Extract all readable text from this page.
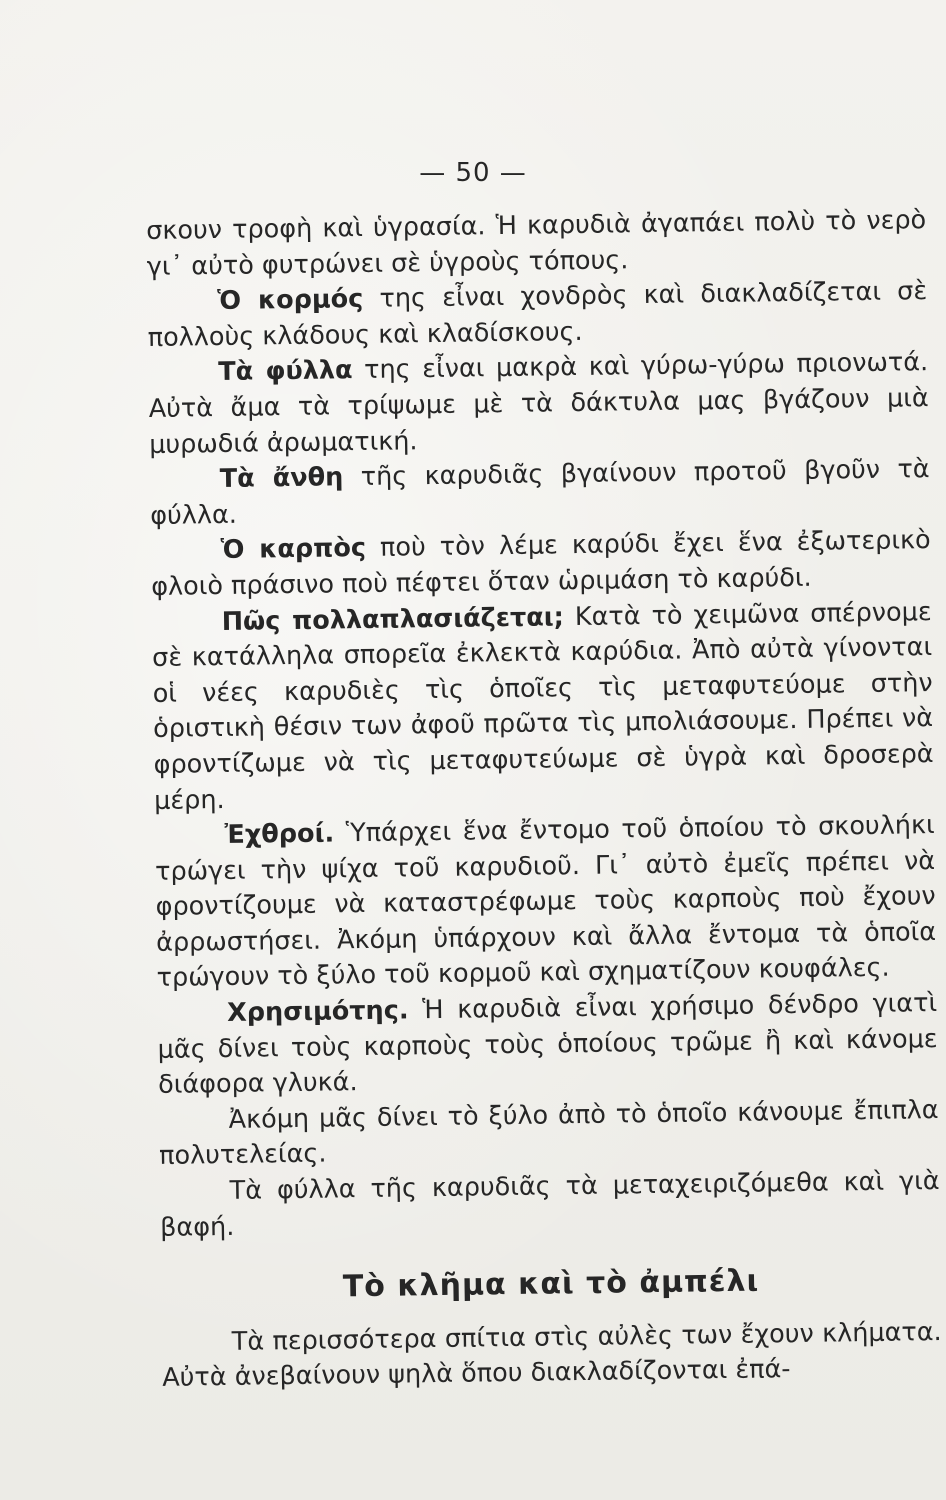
— 50 —

σκουν τροφὴ καὶ ὑγρασία. Ἡ καρυδιὰ ἀγαπάει πολὺ τὸ νερὸ γι᾽ αὐτὸ φυτρώνει σὲ ὑγροὺς τόπους.

Ὁ κορμός της εἶναι χονδρὸς καὶ διακλαδίζεται σὲ πολλοὺς κλάδους καὶ κλαδίσκους.

Τὰ φύλλα της εἶναι μακρὰ καὶ γύρω-γύρω πριονωτά. Αὐτὰ ἄμα τὰ τρίψωμε μὲ τὰ δάκτυλα μας βγάζουν μιὰ μυρωδιά ἀρωματική.

Τὰ ἄνθη τῆς καρυδιᾶς βγαίνουν προτοῦ βγοῦν τὰ φύλλα.

Ὁ καρπὸς ποὺ τὸν λέμε καρύδι ἔχει ἕνα ἐξωτερικὸ φλοιὸ πράσινο ποὺ πέφτει ὅταν ὡριμάση τὸ καρύδι.

Πῶς πολλαπλασιάζεται; Κατὰ τὸ χειμῶνα σπέρνομε σὲ κατάλληλα σπορεῖα ἐκλεκτὰ καρύδια. Ἀπὸ αὐτὰ γίνονται οἱ νέες καρυδιὲς τὶς ὁποῖες τὶς μεταφυτεύομε στὴν ὁριστικὴ θέσιν των ἀφοῦ πρῶτα τὶς μπολιάσουμε. Πρέπει νὰ φροντίζωμε νὰ τὶς μεταφυτεύωμε σὲ ὑγρὰ καὶ δροσερὰ μέρη.

Ἐχθροί. Ὑπάρχει ἕνα ἔντομο τοῦ ὁποίου τὸ σκουλήκι τρώγει τὴν ψίχα τοῦ καρυδιοῦ. Γι᾽ αὐτὸ ἐμεῖς πρέπει νὰ φροντίζουμε νὰ καταστρέφωμε τοὺς καρποὺς ποὺ ἔχουν ἀρρωστήσει. Ἀκόμη ὑπάρχουν καὶ ἄλλα ἔντομα τὰ ὁποῖα τρώγουν τὸ ξύλο τοῦ κορμοῦ καὶ σχηματίζουν κουφάλες.

Χρησιμότης. Ἡ καρυδιὰ εἶναι χρήσιμο δένδρο γιατὶ μᾶς δίνει τοὺς καρποὺς τοὺς ὁποίους τρῶμε ἢ καὶ κάνομε διάφορα γλυκά.

Ἀκόμη μᾶς δίνει τὸ ξύλο ἀπὸ τὸ ὁποῖο κάνουμε ἔπιπλα πολυτελείας.

Τὰ φύλλα τῆς καρυδιᾶς τὰ μεταχειριζόμεθα καὶ γιὰ βαφή.

Τὸ κλῆμα καὶ τὸ ἀμπέλι

Τὰ περισσότερα σπίτια στὶς αὐλὲς των ἔχουν κλήματα. Αὐτὰ ἀνεβαίνουν ψηλὰ ὅπου διακλαδίζονται ἐπά-
